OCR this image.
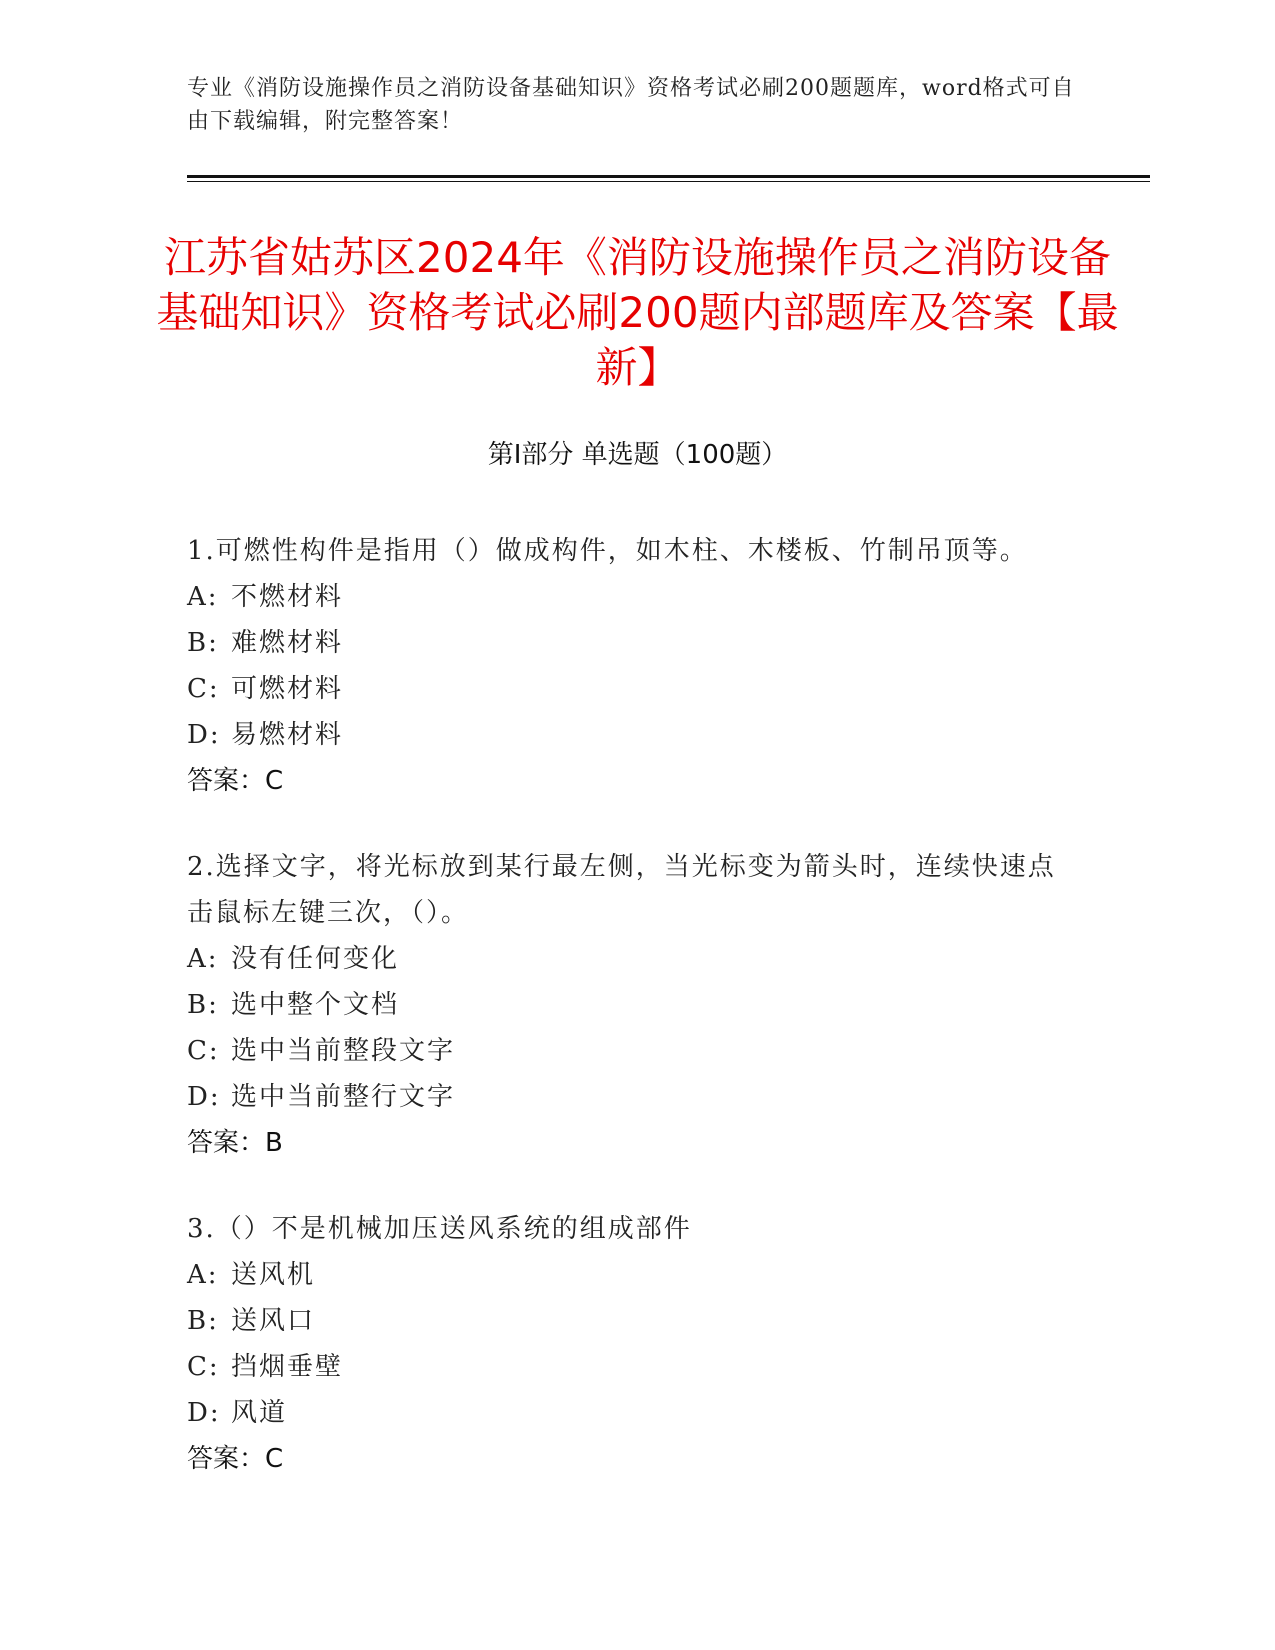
专业《消防设施操作员之消防设备基础知识》资格考试必刷200题题库，word格式可自由下载编辑，附完整答案！
江苏省姑苏区2024年《消防设施操作员之消防设备基础知识》资格考试必刷200题内部题库及答案【最新】
第Ⅰ部分 单选题（100题）
1.可燃性构件是指用（）做成构件，如木柱、木楼板、竹制吊顶等。
A: 不燃材料
B: 难燃材料
C: 可燃材料
D: 易燃材料
答案：C
2.选择文字，将光标放到某行最左侧，当光标变为箭头时，连续快速点击鼠标左键三次，（）。
A: 没有任何变化
B: 选中整个文档
C: 选中当前整段文字
D: 选中当前整行文字
答案：B
3.（）不是机械加压送风系统的组成部件
A: 送风机
B: 送风口
C: 挡烟垂壁
D: 风道
答案：C
